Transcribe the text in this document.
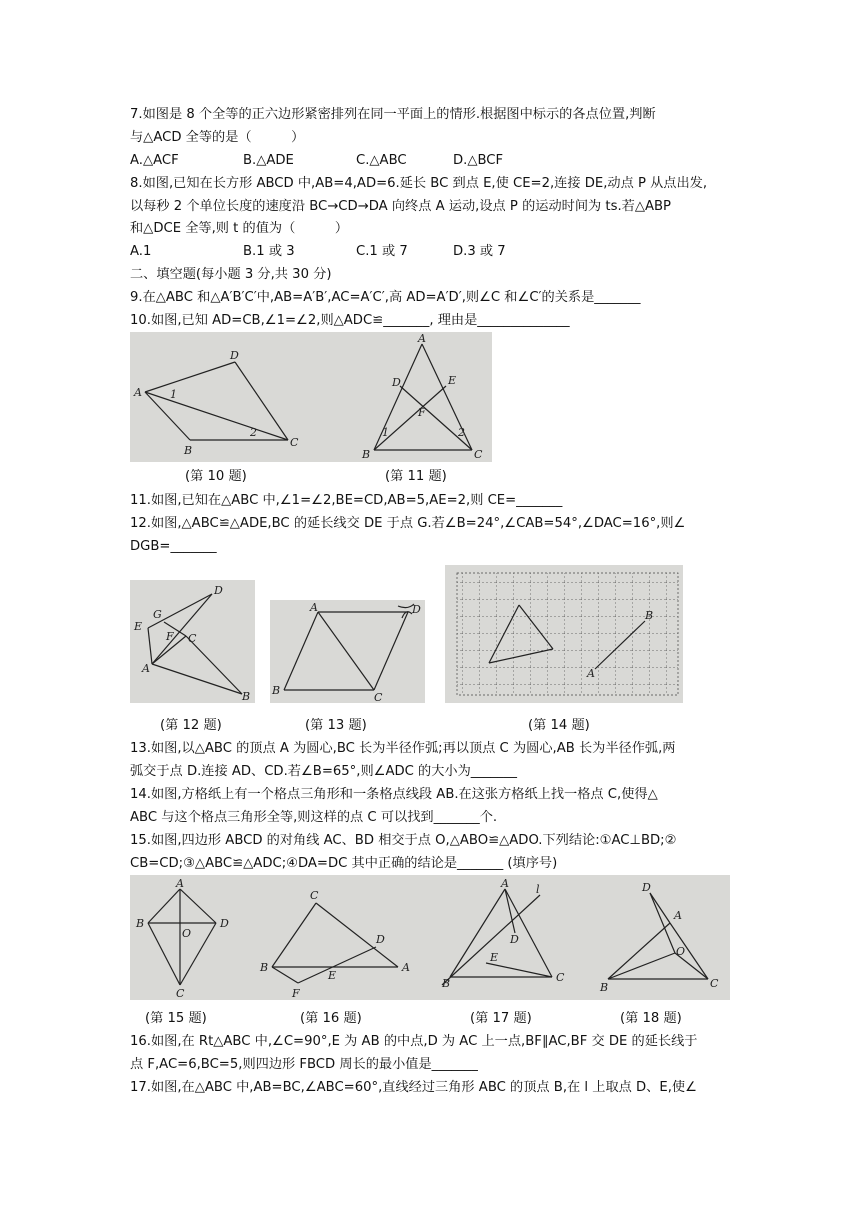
7.如图是 8 个全等的正六边形紧密排列在同一平面上的情形.根据图中标示的各点位置,判断
与△ACD 全等的是（　　　）
A.△ACF	B.△ADE	C.△ABC	D.△BCF
8.如图,已知在长方形 ABCD 中,AB=4,AD=6.延长 BC 到点 E,使 CE=2,连接 DE,动点 P 从点出发,
以每秒 2 个单位长度的速度沿 BC→CD→DA 向终点 A 运动,设点 P 的运动时间为 ts.若△ABP
和△DCE 全等,则 t 的值为（　　　）
A.1	B.1 或 3	C.1 或 7	D.3 或 7
二、填空题(每小题 3 分,共 30 分)
9.在△ABC 和△A′B′C′中,AB=A′B′,AC=A′C′,高 AD=A′D′,则∠C 和∠C′的关系是_______
10.如图,已知 AD=CB,∠1=∠2,则△ADC≌_______, 理由是______________
A
D
B
C
1
2
A
D	E
F
B	C
1	2
(第 10 题)	(第 11 题)
11.如图,已知在△ABC 中,∠1=∠2,BE=CD,AB=5,AE=2,则 CE=_______
12.如图,△ABC≌△ADE,BC 的延长线交 DE 于点 G.若∠B=24°,∠CAB=54°,∠DAC=16°,则∠
DGB=_______
D
G
E
F C
A
B
A	D
B
C
B
A
(第 12 题)	(第 13 题)	(第 14 题)
13.如图,以△ABC 的顶点 A 为圆心,BC 长为半径作弧;再以顶点 C 为圆心,AB 长为半径作弧,两
弧交于点 D.连接 AD、CD.若∠B=65°,则∠ADC 的大小为_______
14.如图,方格纸上有一个格点三角形和一条格点线段 AB.在这张方格纸上找一格点 C,使得△
ABC 与这个格点三角形全等,则这样的点 C 可以找到_______个.
15.如图,四边形 ABCD 的对角线 AC、BD 相交于点 O,△ABO≌△ADO.下列结论:①AC⊥BD;②
CB=CD;③△ABC≌△ADC;④DA=DC 其中正确的结论是_______ (填序号)
A
B	D
O
C
C
D
B
E
A
F
A l
D
E
B	C
D
A
O
B	C
(第 15 题)	(第 16 题)	(第 17 题)	(第 18 题)
16.如图,在 Rt△ABC 中,∠C=90°,E 为 AB 的中点,D 为 AC 上一点,BF∥AC,BF 交 DE 的延长线于
点 F,AC=6,BC=5,则四边形 FBCD 周长的最小值是_______
17.如图,在△ABC 中,AB=BC,∠ABC=60°,直线经过三角形 ABC 的顶点 B,在 l 上取点 D、E,使∠
